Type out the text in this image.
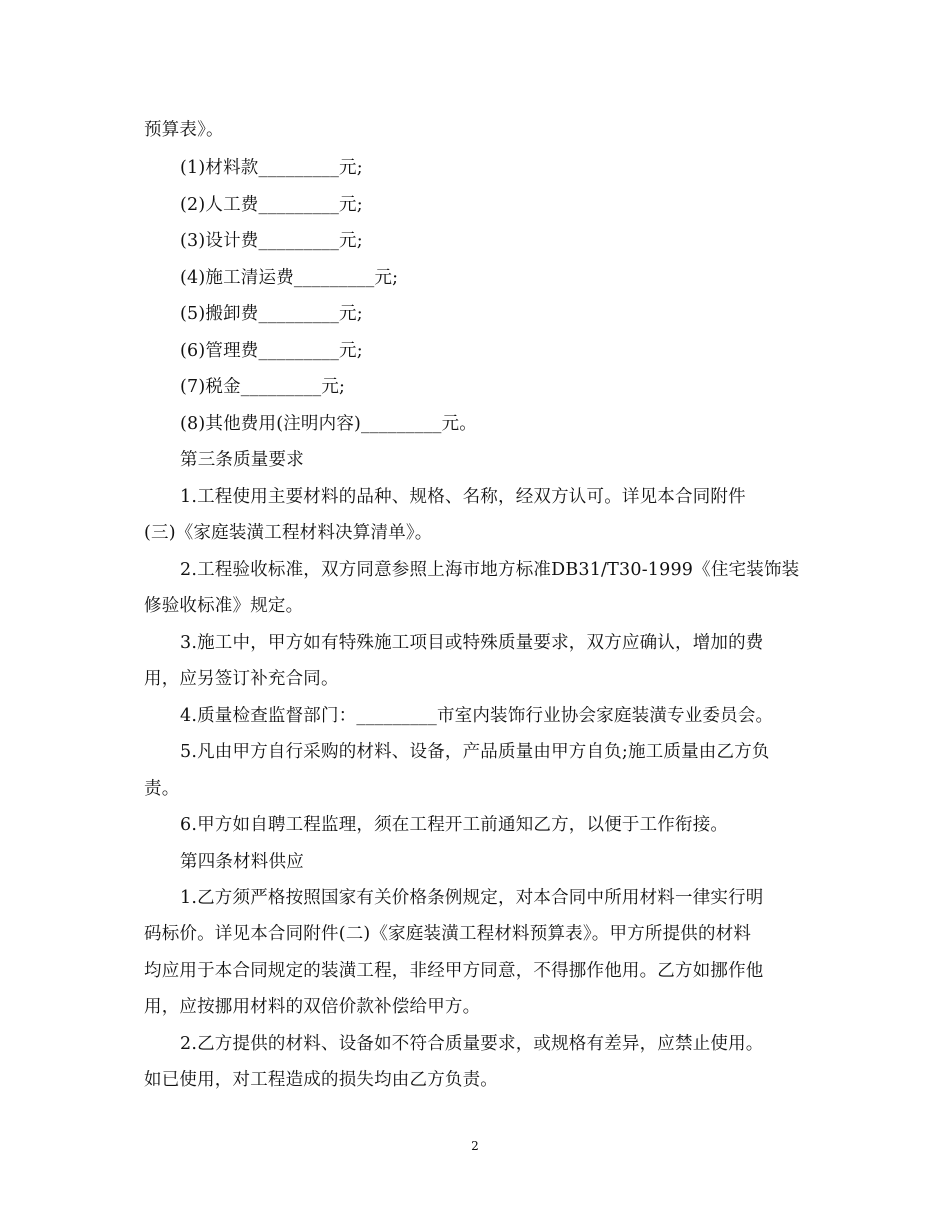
预算表》。
(1)材料款_________元;
(2)人工费_________元;
(3)设计费_________元;
(4)施工清运费_________元;
(5)搬卸费_________元;
(6)管理费_________元;
(7)税金_________元;
(8)其他费用(注明内容)_________元。
第三条质量要求
1.工程使用主要材料的品种、规格、名称，经双方认可。详见本合同附件
(三)《家庭装潢工程材料决算清单》。
2.工程验收标准，双方同意参照上海市地方标准DB31/T30-1999《住宅装饰装
修验收标准》规定。
3.施工中，甲方如有特殊施工项目或特殊质量要求，双方应确认，增加的费
用，应另签订补充合同。
4.质量检查监督部门：_________市室内装饰行业协会家庭装潢专业委员会。
5.凡由甲方自行采购的材料、设备，产品质量由甲方自负;施工质量由乙方负
责。
6.甲方如自聘工程监理，须在工程开工前通知乙方，以便于工作衔接。
第四条材料供应
1.乙方须严格按照国家有关价格条例规定，对本合同中所用材料一律实行明
码标价。详见本合同附件(二)《家庭装潢工程材料预算表》。甲方所提供的材料
均应用于本合同规定的装潢工程，非经甲方同意，不得挪作他用。乙方如挪作他
用，应按挪用材料的双倍价款补偿给甲方。
2.乙方提供的材料、设备如不符合质量要求，或规格有差异，应禁止使用。
如已使用，对工程造成的损失均由乙方负责。
2
